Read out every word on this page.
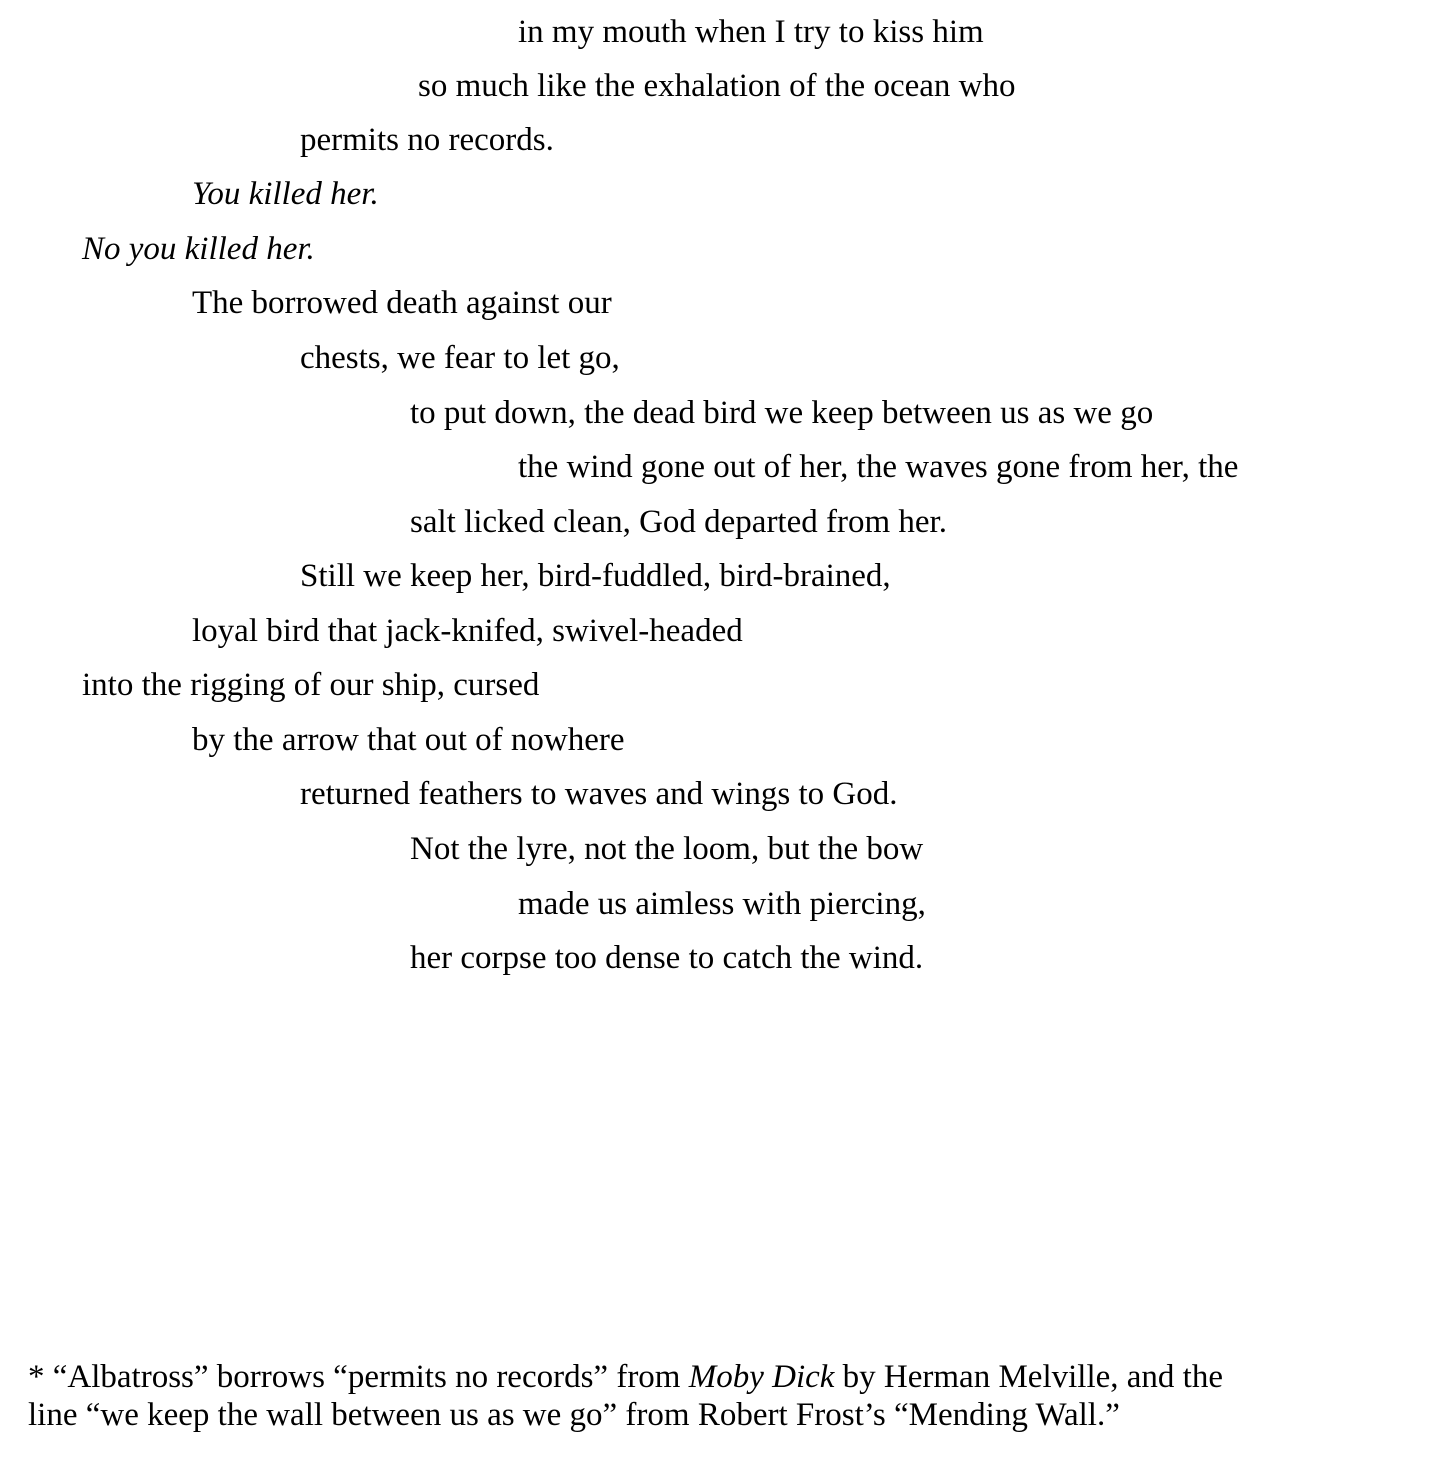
in my mouth when I try to kiss him
so much like the exhalation of the ocean who
permits no records.
You killed her.
No you killed her.
The borrowed death against our
chests, we fear to let go,
to put down, the dead bird we keep between us as we go
the wind gone out of her, the waves gone from her, the
salt licked clean, God departed from her.
Still we keep her, bird-fuddled, bird-brained,
loyal bird that jack-knifed, swivel-headed
into the rigging of our ship, cursed
by the arrow that out of nowhere
returned feathers to waves and wings to God.
Not the lyre, not the loom, but the bow
made us aimless with piercing,
her corpse too dense to catch the wind.
* “Albatross” borrows “permits no records” from Moby Dick by Herman Melville, and the
line “we keep the wall between us as we go” from Robert Frost’s “Mending Wall.”
